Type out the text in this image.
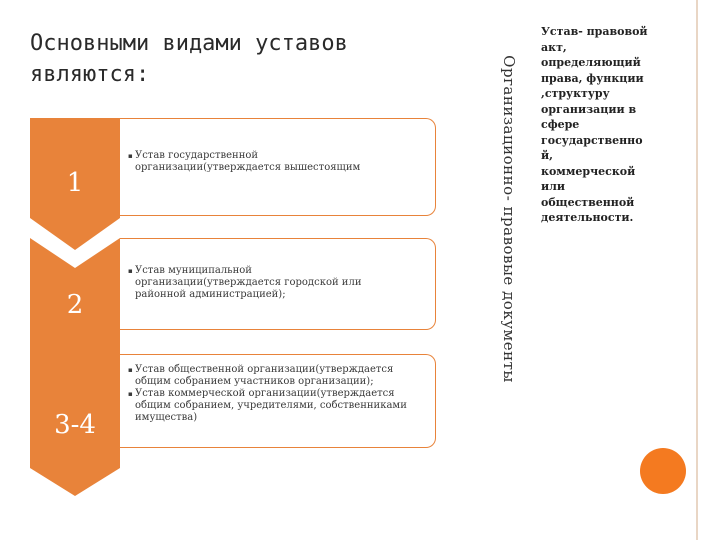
Основными видами уставов
являются:
1
2
3-4
▪ Устав государственной организации(утверждается вышестоящим
▪ Устав муниципальной организации(утверждается городской или районной администрацией);
▪ Устав общественной организации(утверждается общим собранием участников организации);
▪ Устав коммерческой организации(утверждается общим собранием, учредителями, собственниками имущества)
Организационно- правовые документы
Устав- правовой
акт,
определяющий
права, функции
,структуру
организации в
сфере
государственно
й,
коммерческой
или
общественной
деятельности.
